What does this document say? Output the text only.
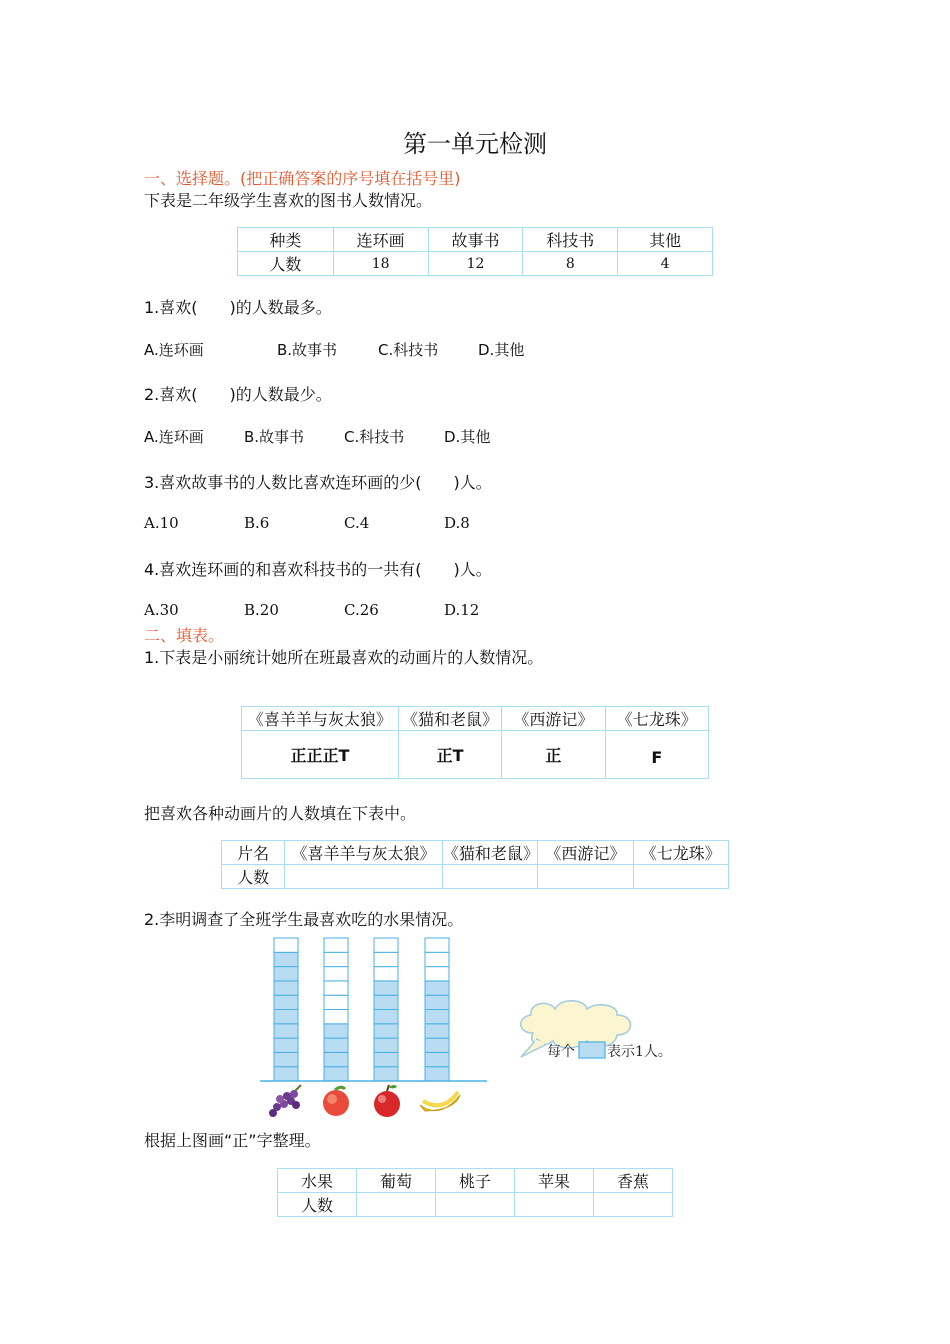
第一单元检测
一、选择题。(把正确答案的序号填在括号里)
下表是二年级学生喜欢的图书人数情况。
种类	连环画	故事书	科技书	其他
人数	18	12	8	4
1.喜欢(　　)的人数最多。
A.连环画	B.故事书	C.科技书	D.其他
2.喜欢(　　)的人数最少。
A.连环画	B.故事书	C.科技书	D.其他
3.喜欢故事书的人数比喜欢连环画的少(　　)人。
A.10	B.6	C.4	D.8
4.喜欢连环画的和喜欢科技书的一共有(　　)人。
A.30	B.20	C.26	D.12
二、填表。
1.下表是小丽统计她所在班最喜欢的动画片的人数情况。
《喜羊羊与灰太狼》	《猫和老鼠》	《西游记》	《七龙珠》
正正正T	正T	正	F
把喜欢各种动画片的人数填在下表中。
片名	《喜羊羊与灰太狼》	《猫和老鼠》	《西游记》	《七龙珠》
人数				
2.李明调查了全班学生最喜欢吃的水果情况。
每个 表示1人。
根据上图画“正”字整理。
水果	葡萄	桃子	苹果	香蕉
人数				
